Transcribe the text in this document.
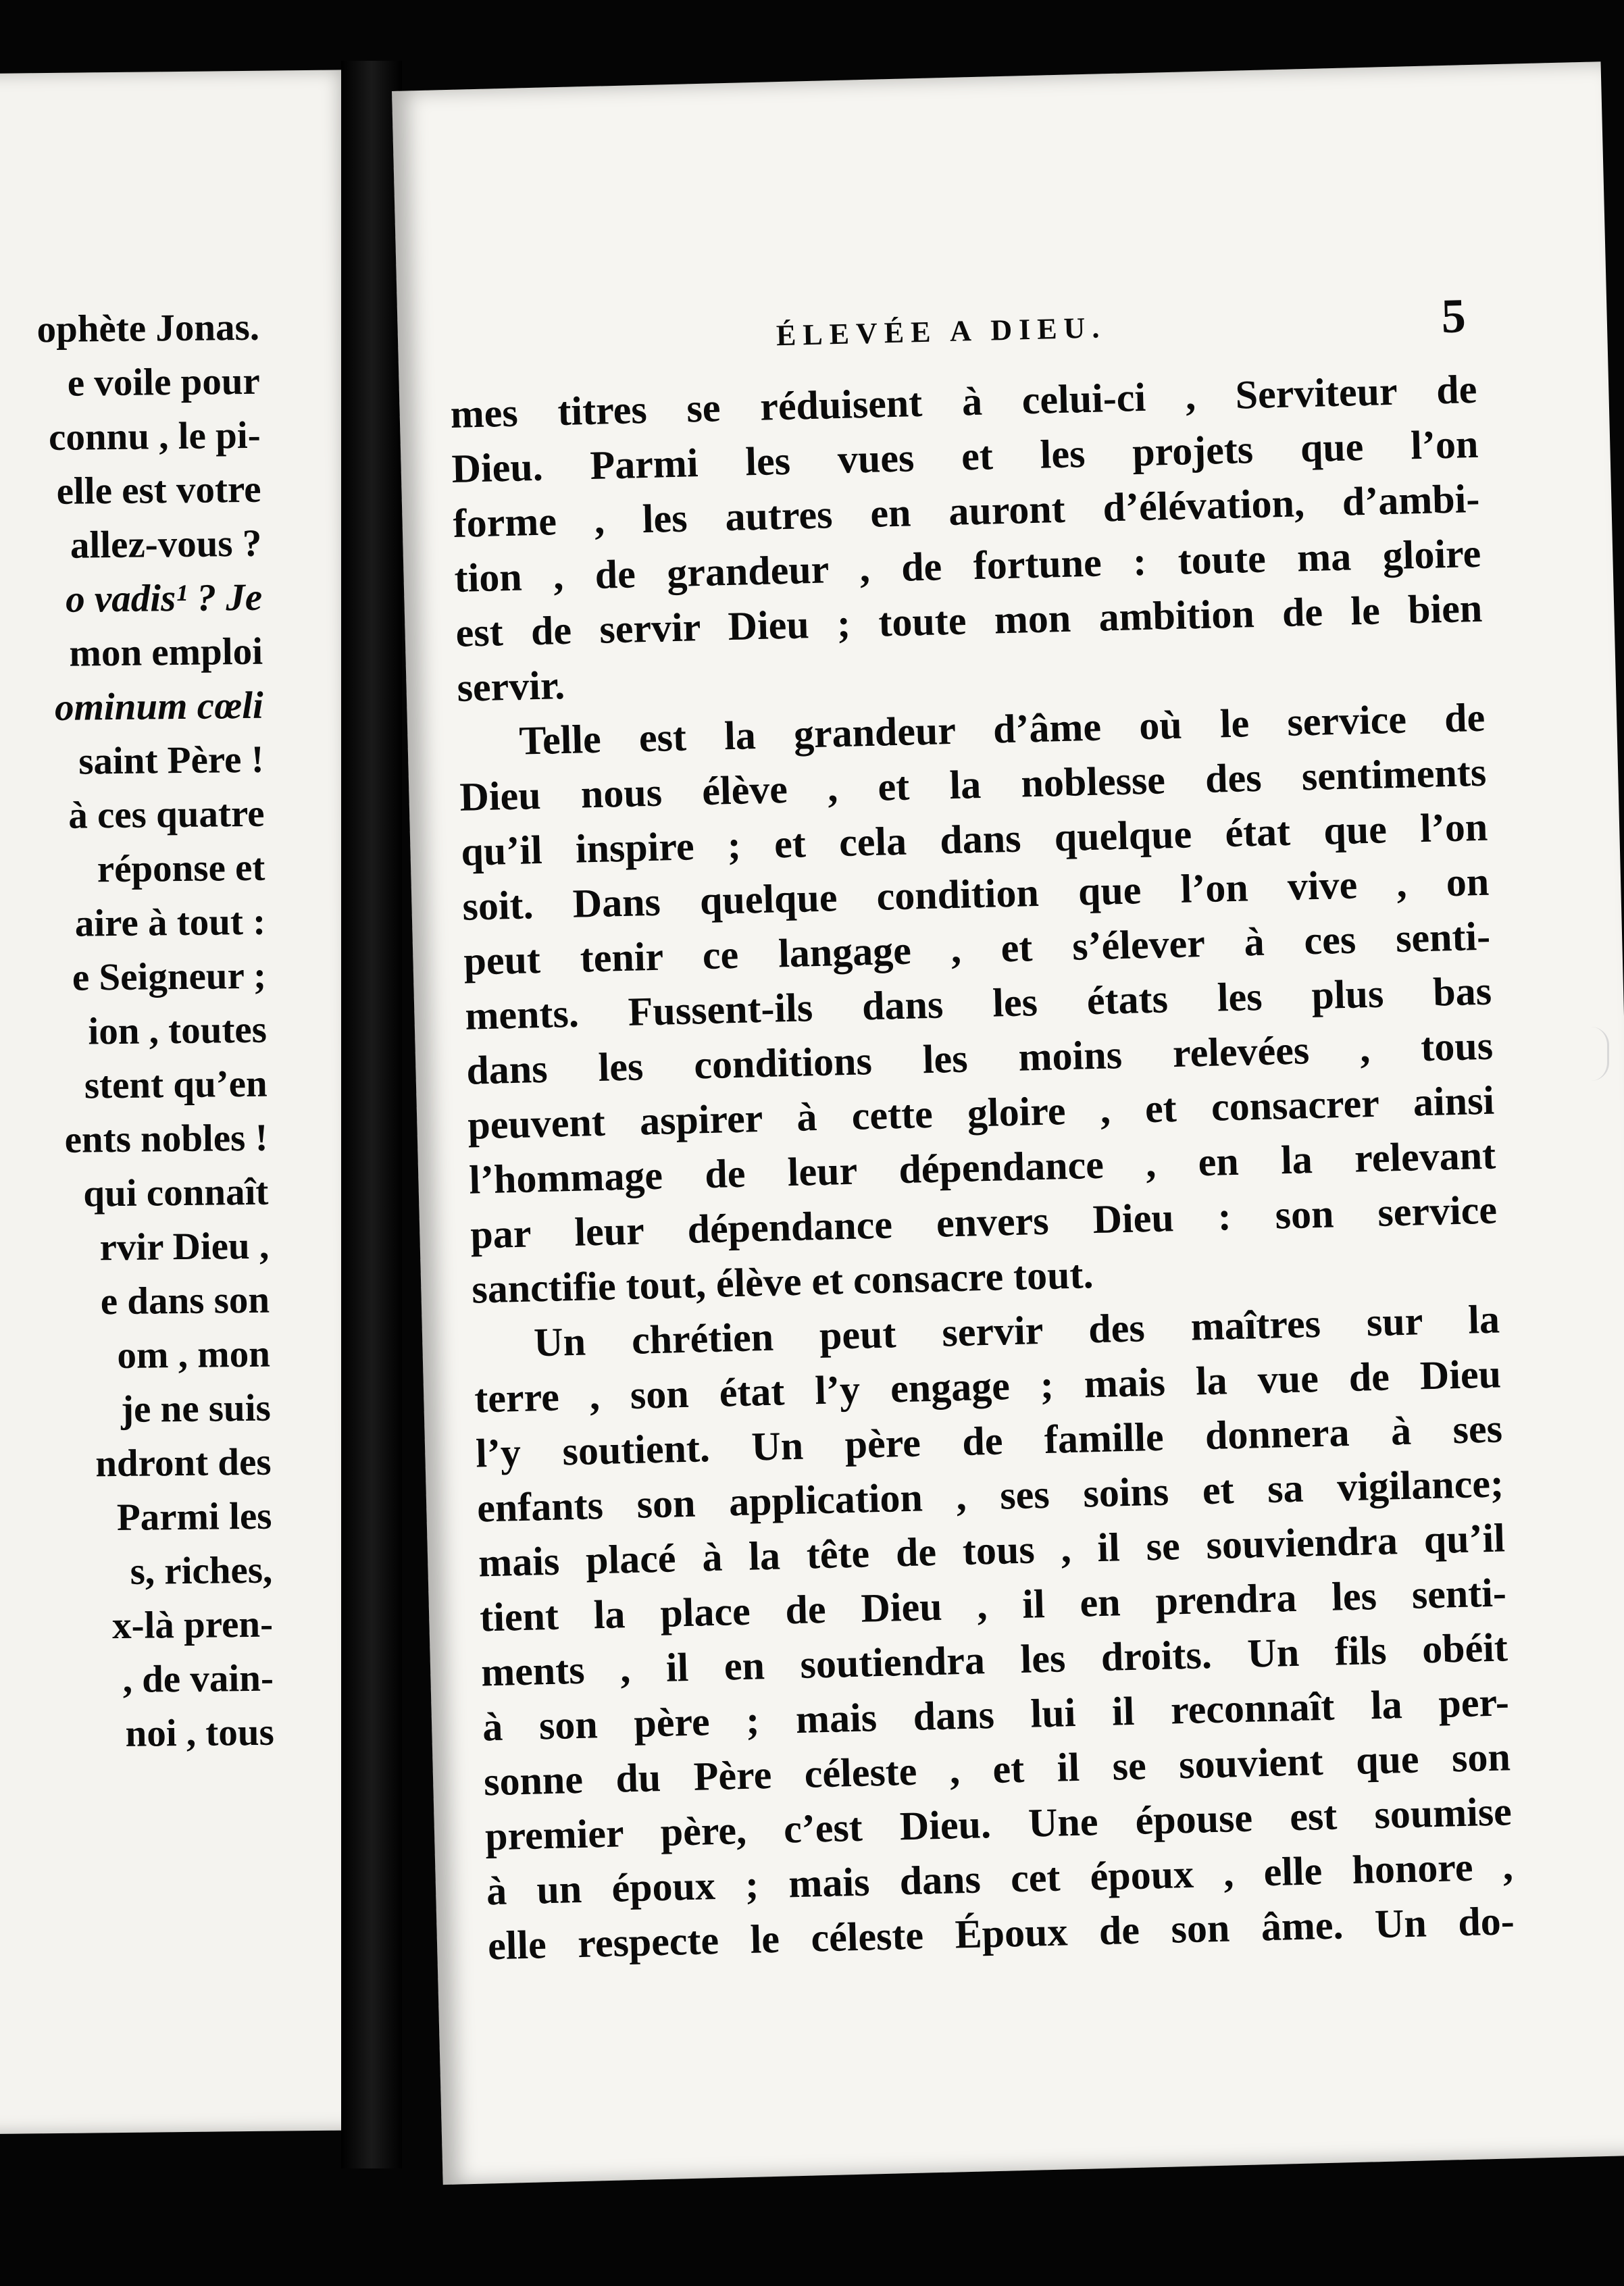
ophète Jonas.
e voile pour
connu , le pi-
elle est votre
allez-vous ?
o vadis¹ ? Je
mon emploi
ominum cœli
saint Père !
à ces quatre
réponse et
aire à tout :
e Seigneur ;
ion , toutes
stent qu’en
ents nobles !
qui connaît
rvir Dieu ,
e dans son
om , mon
je ne suis
ndront des
Parmi les
s, riches,
x-là pren-
, de vain-
noi , tous
ÉLEVÉE A DIEU.	5
mes titres se réduisent à celui-ci , Serviteur de
Dieu. Parmi les vues et les projets que l’on
forme , les autres en auront d’élévation, d’ambi-
tion , de grandeur , de fortune : toute ma gloire
est de servir Dieu ; toute mon ambition de le bien
servir.
Telle est la grandeur d’âme où le service de
Dieu nous élève , et la noblesse des sentiments
qu’il inspire ; et cela dans quelque état que l’on
soit. Dans quelque condition que l’on vive , on
peut tenir ce langage , et s’élever à ces senti-
ments. Fussent-ils dans les états les plus bas
dans les conditions les moins relevées , tous
peuvent aspirer à cette gloire , et consacrer ainsi
l’hommage de leur dépendance , en la relevant
par leur dépendance envers Dieu : son service
sanctifie tout, élève et consacre tout.
Un chrétien peut servir des maîtres sur la
terre , son état l’y engage ; mais la vue de Dieu
l’y soutient. Un père de famille donnera à ses
enfants son application , ses soins et sa vigilance;
mais placé à la tête de tous , il se souviendra qu’il
tient la place de Dieu , il en prendra les senti-
ments , il en soutiendra les droits. Un fils obéit
à son père ; mais dans lui il reconnaît la per-
sonne du Père céleste , et il se souvient que son
premier père, c’est Dieu. Une épouse est soumise
à un époux ; mais dans cet époux , elle honore ,
elle respecte le céleste Époux de son âme. Un do-
